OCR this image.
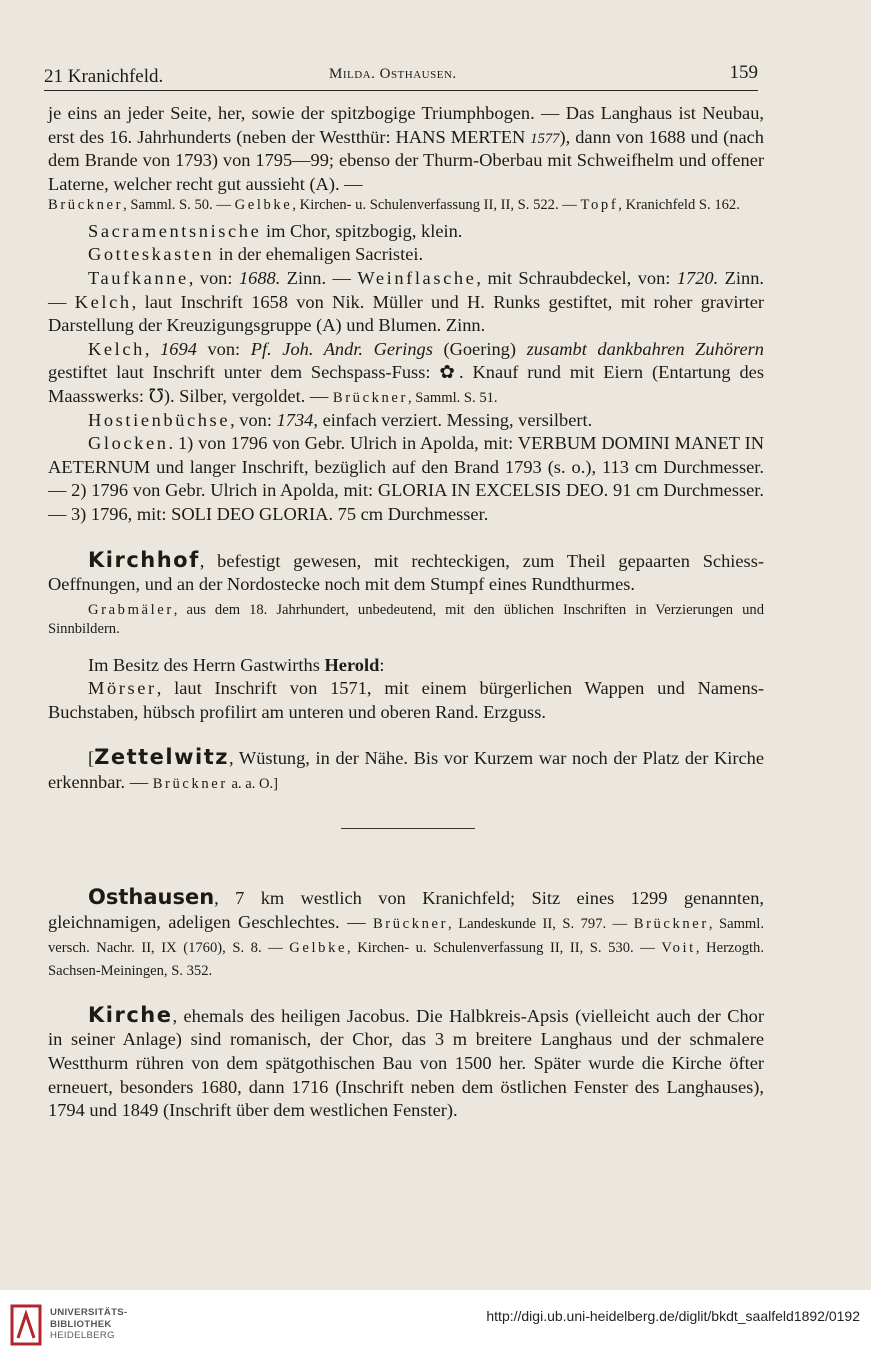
21 Kranichfeld.	Milda. Osthausen.	159

je eins an jeder Seite, her, sowie der spitzbogige Triumphbogen. — Das Langhaus ist Neubau, erst des 16. Jahrhunderts (neben der Westthür: HANS MERTEN 1577), dann von 1688 und (nach dem Brande von 1793) von 1795—99; ebenso der Thurm-Oberbau mit Schweifhelm und offener Laterne, welcher recht gut aussieht (A). —

Brückner, Samml. S. 50. — Gelbke, Kirchen- u. Schulenverfassung II, II, S. 522. — Topf, Kranichfeld S. 162.

Sacramentsnische im Chor, spitzbogig, klein.

Gotteskasten in der ehemaligen Sacristei.

Taufkanne, von: 1688. Zinn. — Weinflasche, mit Schraubdeckel, von: 1720. Zinn. — Kelch, laut Inschrift 1658 von Nik. Müller und H. Runks gestiftet, mit roher gravirter Darstellung der Kreuzigungsgruppe (A) und Blumen. Zinn.

Kelch, 1694 von: Pf. Joh. Andr. Gerings (Goering) zusambt dankbahren Zuhörern gestiftet laut Inschrift unter dem Sechspass-Fuss: ✿. Knauf rund mit Eiern (Entartung des Maasswerks: ℧). Silber, vergoldet. — Brückner, Samml. S. 51.

Hostienbüchse, von: 1734, einfach verziert. Messing, versilbert.

Glocken. 1) von 1796 von Gebr. Ulrich in Apolda, mit: VERBUM DOMINI MANET IN AETERNUM und langer Inschrift, bezüglich auf den Brand 1793 (s. o.), 113 cm Durchmesser. — 2) 1796 von Gebr. Ulrich in Apolda, mit: GLORIA IN EXCELSIS DEO. 91 cm Durchmesser. — 3) 1796, mit: SOLI DEO GLORIA. 75 cm Durchmesser.

Kirchhof, befestigt gewesen, mit rechteckigen, zum Theil gepaarten Schiess-Oeffnungen, und an der Nordostecke noch mit dem Stumpf eines Rundthurmes.

Grabmäler, aus dem 18. Jahrhundert, unbedeutend, mit den üblichen Inschriften in Verzierungen und Sinnbildern.

Im Besitz des Herrn Gastwirths Herold:

Mörser, laut Inschrift von 1571, mit einem bürgerlichen Wappen und Namens-Buchstaben, hübsch profilirt am unteren und oberen Rand. Erzguss.

[Zettelwitz, Wüstung, in der Nähe. Bis vor Kurzem war noch der Platz der Kirche erkennbar. — Brückner a. a. O.]

Osthausen, 7 km westlich von Kranichfeld; Sitz eines 1299 genannten, gleichnamigen, adeligen Geschlechtes. — Brückner, Landeskunde II, S. 797. — Brückner, Samml. versch. Nachr. II, IX (1760), S. 8. — Gelbke, Kirchen- u. Schulenverfassung II, II, S. 530. — Voit, Herzogth. Sachsen-Meiningen, S. 352.

Kirche, ehemals des heiligen Jacobus. Die Halbkreis-Apsis (vielleicht auch der Chor in seiner Anlage) sind romanisch, der Chor, das 3 m breitere Langhaus und der schmalere Westthurm rühren von dem spätgothischen Bau von 1500 her. Später wurde die Kirche öfter erneuert, besonders 1680, dann 1716 (Inschrift neben dem östlichen Fenster des Langhauses), 1794 und 1849 (Inschrift über dem westlichen Fenster).

UNIVERSITÄTS-
BIBLIOTHEK
HEIDELBERG
http://digi.ub.uni-heidelberg.de/diglit/bkdt_saalfeld1892/0192
